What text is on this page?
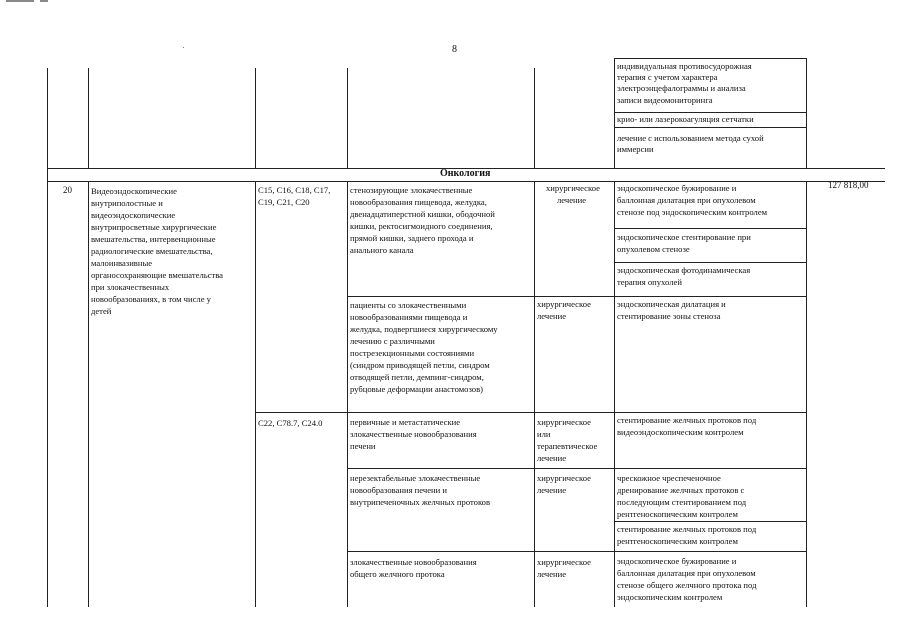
8
индивидуальная противосудорожная
терапия с учетом характера
электроэнцефалограммы и анализа
записи видеомониторинга
крио- или лазерокоагуляция сетчатки
лечение с использованием метода сухой
иммерсии
Онкология
20 Видеоэндоскопические
внутриполостные и
видеоэндоскопические
внутрипросветные хирургические
вмешательства, интервенционные
радиологические вмешательства,
малоинвазивные
органосохраняющие вмешательства
при злокачественных
новообразованиях, в том числе у
детей
C15, C16, C18, C17,
C19, C21, C20
C22, C78.7, C24.0
стенозирующие злокачественные
новообразования пищевода, желудка,
двенадцатиперстной кишки, ободочной
кишки, ректосигмоидного соединения,
прямой кишки, заднего прохода и
анального канала
пациенты со злокачественными
новообразованиями пищевода и
желудка, подвергшиеся хирургическому
лечению с различными
пострезекционными состояниями
(синдром приводящей петли, синдром
отводящей петли, демпинг-синдром,
рубцовые деформации анастомозов)
первичные и метастатические
злокачественные новообразования
печени
нерезектабельные злокачественные
новообразования печени и
внутрипеченочных желчных протоков
злокачественные новообразования
общего желчного протока
хирургическое
лечение
хирургическое
лечение
хирургическое
или
терапевтическое
лечение
хирургическое
лечение
хирургическое
лечение
эндоскопическое бужирование и
баллонная дилатация при опухолевом
стенозе под эндоскопическим контролем
эндоскопическое стентирование при
опухолевом стенозе
эндоскопическая фотодинамическая
терапия опухолей
эндоскопическая дилатация и
стентирование зоны стеноза
стентирование желчных протоков под
видеоэндоскопическим контролем
чрескожное чреспеченочное
дренирование желчных протоков с
последующим стентированием под
рентгеноскопическим контролем
стентирование желчных протоков под
рентгеноскопическим контролем
эндоскопическое бужирование и
баллонная дилатация при опухолевом
стенозе общего желчного протока под
эндоскопическим контролем
127 818,00
